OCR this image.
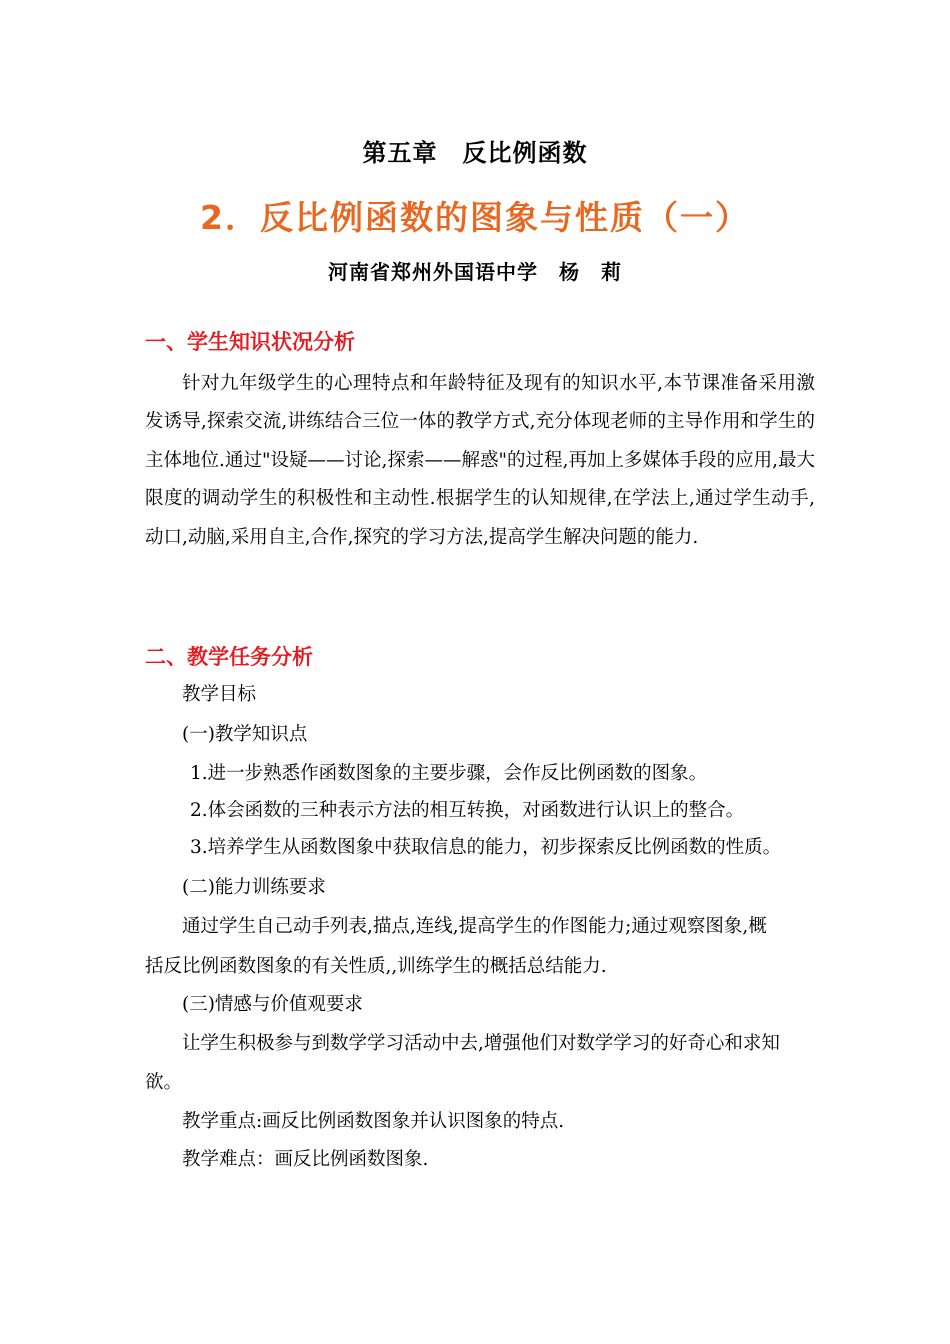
第五章　反比例函数
2．反比例函数的图象与性质（一）
河南省郑州外国语中学　杨　莉
一、学生知识状况分析
针对九年级学生的心理特点和年龄特征及现有的知识水平,本节课准备采用激发诱导,探索交流,讲练结合三位一体的教学方式,充分体现老师的主导作用和学生的主体地位.通过"设疑——讨论,探索——解惑"的过程,再加上多媒体手段的应用,最大限度的调动学生的积极性和主动性.根据学生的认知规律,在学法上,通过学生动手,动口,动脑,采用自主,合作,探究的学习方法,提高学生解决问题的能力.
二、教学任务分析
教学目标
(一)教学知识点
1.进一步熟悉作函数图象的主要步骤，会作反比例函数的图象。
2.体会函数的三种表示方法的相互转换，对函数进行认识上的整合。
3.培养学生从函数图象中获取信息的能力，初步探索反比例函数的性质。
(二)能力训练要求
通过学生自己动手列表,描点,连线,提高学生的作图能力;通过观察图象,概
括反比例函数图象的有关性质,,训练学生的概括总结能力.
(三)情感与价值观要求
让学生积极参与到数学学习活动中去,增强他们对数学学习的好奇心和求知
欲。
教学重点:画反比例函数图象并认识图象的特点.
教学难点：画反比例函数图象.
